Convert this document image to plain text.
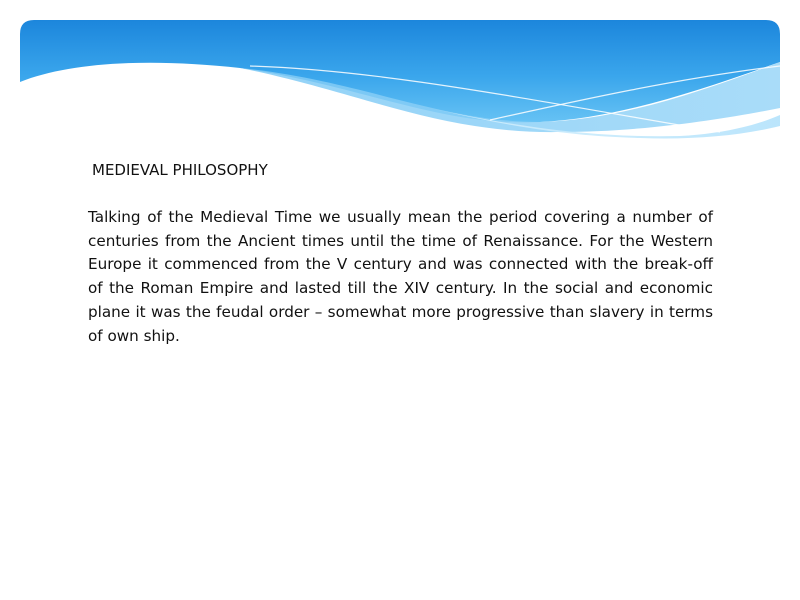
MEDIEVAL PHILOSOPHY

Talking of the Medieval Time we usually mean the period covering a number of centuries from the Ancient times until the time of Renaissance. For the Western Europe it commenced from the V century and was connected with the break-off of the Roman Empire and lasted till the XIV century. In the social and economic plane it was the feudal order – somewhat more progressive than slavery in terms of own ship.
